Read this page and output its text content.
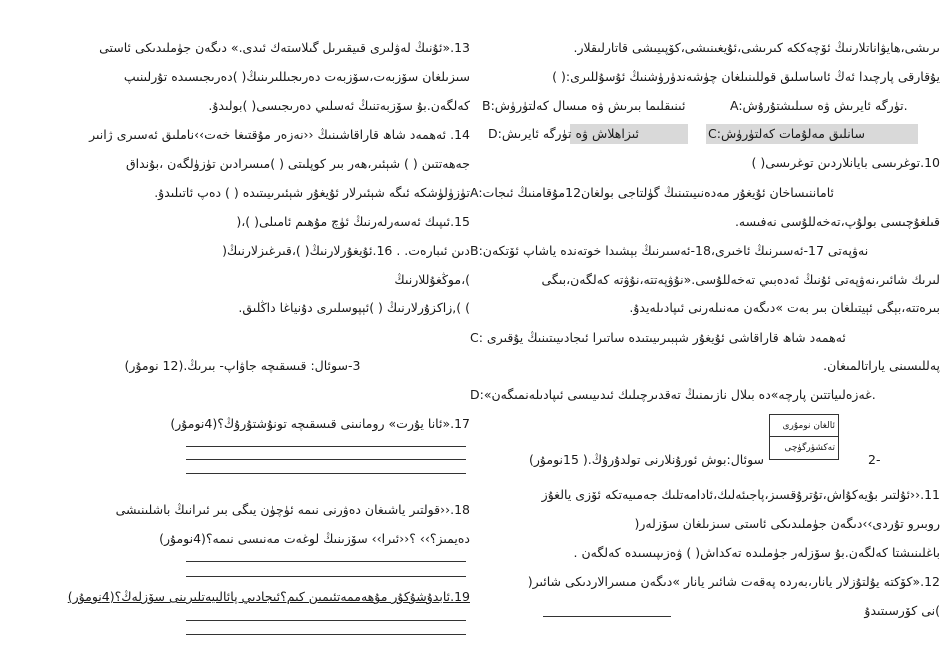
ىرىشى،هايۋاناتلارنىڭ ئۆچەككە كىرىشى،ئۇيغىنىشى،كۆپىيىشى قاتارلىقلار.
يۇقارقى پارچىدا ئەڭ ئاساسلىق قوللىنىلغان چۈشەندۈرۈشنىڭ ئۇسۇللىرى:( )
A:تۈرگە ئايرىش ۋە سىلىشتۇرۇش.
B:ئىنىقلىما بىرىش ۋە مىسال كەلتۈرۈش
C:سانلىق مەلۇمات كەلتۈرۈش
D:ئىزاھلاش ۋە تۈرگە ئايرىش
10.توغرىسى بايانلاردىن توغرىسى( )
A:ئاماننىساخان ئۇيغۇر مەدەنىيىتىنىڭ گۈلتاجى بولغان12مۇقامنىڭ ئىجات
قىلغۇچىسى بولۇپ،تەخەللۇسى نەفىسە.
B:نەۋپەتى 17-ئەسىرنىڭ ئاخىرى،18-ئەسىرنىڭ بېشىدا خوتەندە ياشاپ ئۆتكەن
لىرىك شائىر،نەۋپەتى ئۇنىڭ ئەدەبىي تەخەللۇسى.«نۇۋپەتتە،نۇۋتە كەلگەن،بىگى
بىرەتتە،بېگى ئېيتىلغان بىر بەت »دىگەن مەنىلەرنى ئىپادىلەيدۇ.
C: ئەھمەد شاھ قاراقاشى ئۇيغۇر شېبىرىيىتىدە ساتىرا ئىجادىيىتىنىڭ يۇقىرى
پەللىسىنى ياراتالمىغان.
D:«غەزەلىياتتىن پارچە»دە بىلال نازىمنىڭ تەقدىرچىلىك ئىدىيىسى ئىپادىلەنمىگەن.
ئالغان نومۇرى
تەكشۈرگۈچى
2-
سوئال:بوش ئورۇنلارنى تولدۇرۇڭ.( 15نومۇر)
11.‹‹ئۇلتىر بۇيەكۇاش،تۇترۇقسىز،پاجىئەلىك،ئادامەتلىك جەمىيەتكە ئۆزى يالغۇز
روبىرو تۇردى››دىگەن جۈملىدىكى ئاستى سىزىلغان سۆزلەر(
باغلىنىشتا كەلگەن.بۇ سۆزلەر جۈملىدە تەكداش( ) ۋەزىپىسىدە كەلگەن .
12.«كۆكتە يۇلتۇزلار يانار،بەردە پەقەت شائىر يانار »دىگەن مىسرالاردىكى شائىر(
)نى كۆرسىتىدۇ
13.«ئۇنىڭ لەۋلىرى قىيقىرىل گىلاستەك ئىدى.» دىگەن جۈملىدىكى ئاستى
سىزىلغان سۆزبەت،سۆزبەت دەرىجىللىرىنىڭ( )دەرىجىسىدە تۇرلىنىپ
كەلگەن.بۇ سۆزبەتنىڭ ئەسلىي دەرىجىسى( )بولىدۇ.
14. ئەھمەد شاھ قاراقاشىنىڭ ‹‹نەزەر مۇقتىغا خەت››ناملىق ئەسىرى ژانىر
جەھەتتىن ( ) شېئىر،ھەر بىر كوپلىتى ( )مىسرادىن تۈزۈلگەن ،بۇنداق
تۈزۈلۈشكە ئىگە شېئىرلار ئۇيغۇر شېئىرىيىتىدە ( ) دەپ ئاتىلىدۇ.
15.ئىپىك ئەسەرلەرنىڭ ئۈچ مۇھىم ئامىلى( )،(
دىن ئىبارەت. . 16.ئۇيغۇرلارنىڭ( )،قىرغىزلارنىڭ(
)،موڭغۇللارنىڭ
) ),زاكزۇرلارنىڭ ( )ئېپوسلىرى دۇنياغا داڭلىق.
3-سوئال: قىسقىچە جاۋاپ- بىرىڭ.(12 نومۇر)
17.«ئانا يۇرت» رومانىنى قىسقىچە تونۇشتۇرۇڭ؟(4نومۇر)
18.‹‹قولتىر ياشىغان دەۋرنى نىمە ئۈچۈن يىگى بىر ئىرانىڭ باشلىنىشى
دەيمىز؟›› ؟‹‹ئىرا›› سۆزىنىڭ لوغەت مەنىسى نىمە؟(4نومۇر)
19.ئابدۇشۇكۇر مۇھەممەتئىمىن كىم؟ئىجادىي پائالىيەتلىرىنى سۆزلەڭ؟(4نومۇر)
